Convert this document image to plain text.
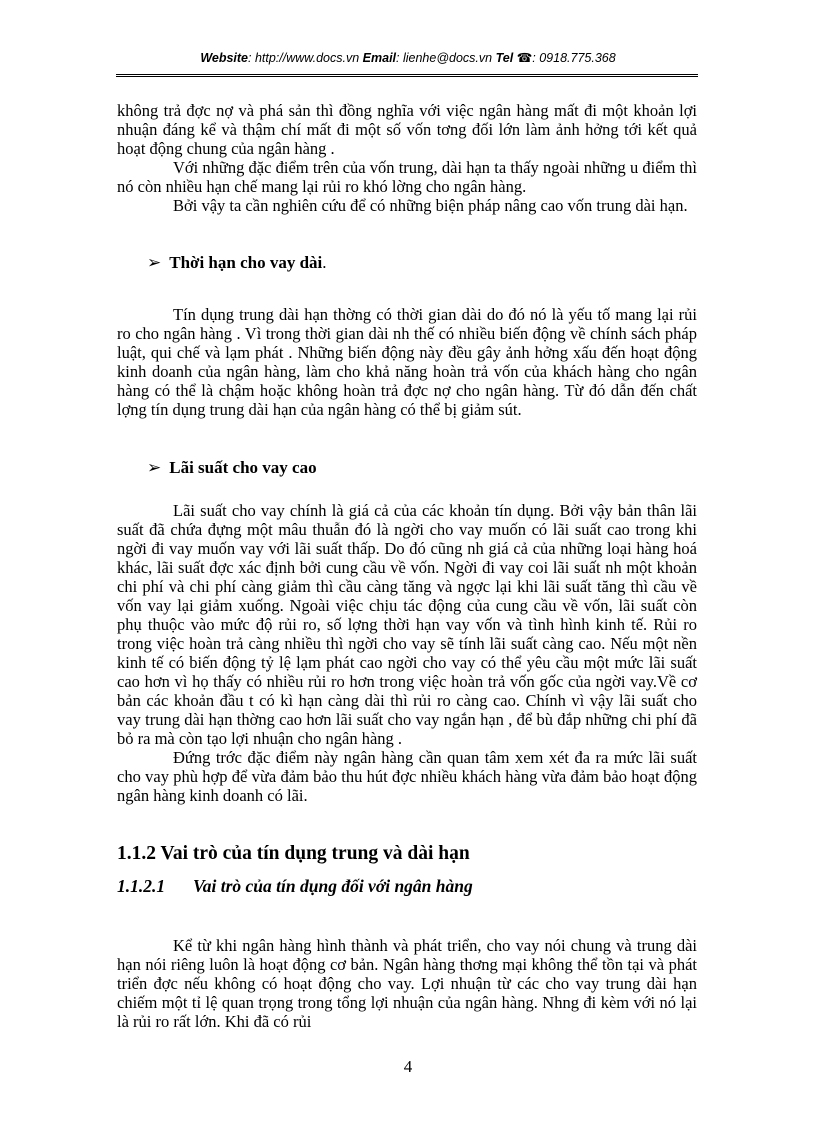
Website: http://www.docs.vn Email: lienhe@docs.vn Tel ☎: 0918.775.368

không trả đợc nợ và phá sản thì đồng nghĩa với việc ngân hàng mất đi một khoản lợi nhuận đáng kể và thậm chí mất đi một số vốn tơng đối lớn làm ảnh hởng tới kết quả hoạt động chung của ngân hàng .

Với những đặc điểm trên của vốn trung, dài hạn ta thấy ngoài những u điểm thì nó còn nhiều hạn chế mang lại rủi ro khó lờng cho ngân hàng.

Bởi vậy ta cần nghiên cứu để có những biện pháp nâng cao vốn trung dài hạn.

➢ Thời hạn cho vay dài.

Tín dụng trung dài hạn thờng có thời gian dài do đó nó là yếu tố mang lại rủi ro cho ngân hàng . Vì trong thời gian dài nh thế có nhiều biến động về chính sách pháp luật, qui chế và lạm phát . Những biến động này đều gây ảnh hởng xấu đến hoạt động kinh doanh của ngân hàng, làm cho khả năng hoàn trả vốn của khách hàng cho ngân hàng có thể là chậm hoặc không hoàn trả đợc nợ cho ngân hàng. Từ đó dẫn đến chất lợng tín dụng trung dài hạn của ngân hàng có thể bị giảm sút.

➢ Lãi suất cho vay cao

Lãi suất cho vay chính là giá cả của các khoản tín dụng. Bởi vậy bản thân lãi suất đã chứa đựng một mâu thuẫn đó là ngời cho vay muốn có lãi suất cao trong khi ngời đi vay muốn vay với lãi suất thấp. Do đó cũng nh giá cả của những loại hàng hoá khác, lãi suất đợc xác định bởi cung cầu về vốn. Ngời đi vay coi lãi suất nh một khoản chi phí và chi phí càng giảm thì cầu càng tăng và ngợc lại khi lãi suất tăng thì cầu về vốn vay lại giảm xuống. Ngoài việc chịu tác động của cung cầu về vốn, lãi suất còn phụ thuộc vào mức độ rủi ro, số lợng thời hạn vay vốn và tình hình kinh tế. Rủi ro trong việc hoàn trả càng nhiều thì ngời cho vay sẽ tính lãi suất càng cao. Nếu một nền kinh tế có biến động tỷ lệ lạm phát cao ngời cho vay có thể yêu cầu một mức lãi suất cao hơn vì họ thấy có nhiều rủi ro hơn trong việc hoàn trả vốn gốc của ngời vay.Về cơ bản các khoản đầu t có kì hạn càng dài thì rủi ro càng cao. Chính vì vậy lãi suất cho vay trung dài hạn thờng cao hơn lãi suất cho vay ngắn hạn , để bù đắp những chi phí đã bỏ ra mà còn tạo lợi nhuận cho ngân hàng .

Đứng trớc đặc điểm này ngân hàng cần quan tâm xem xét đa ra mức lãi suất cho vay phù hợp để vừa đảm bảo thu hút đợc nhiều khách hàng vừa đảm bảo hoạt động ngân hàng kinh doanh có lãi.

1.1.2 Vai trò của tín dụng trung và dài hạn
1.1.2.1 Vai trò của tín dụng đối với ngân hàng

Kể từ khi ngân hàng hình thành và phát triển, cho vay nói chung và trung dài hạn nói riêng luôn là hoạt động cơ bản. Ngân hàng thơng mại không thể tồn tại và phát triển đợc nếu không có hoạt động cho vay. Lợi nhuận từ các cho vay trung dài hạn chiếm một tỉ lệ quan trọng trong tổng lợi nhuận của ngân hàng. Nhng đi kèm với nó lại là rủi ro rất lớn. Khi đã có rủi

4
